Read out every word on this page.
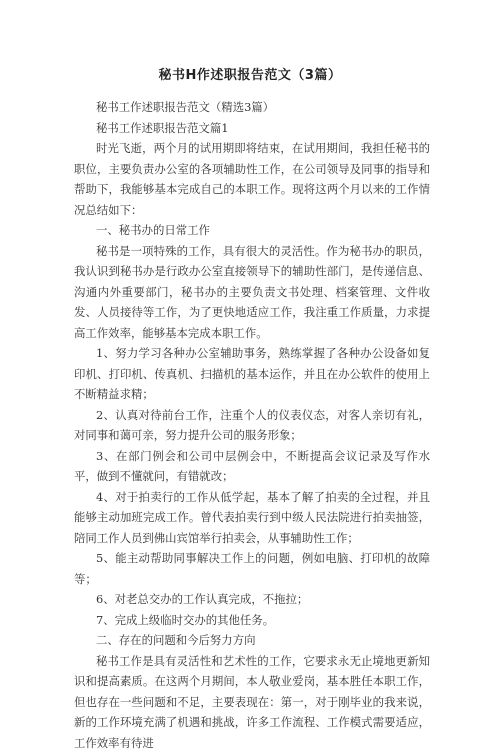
秘书H作述职报告范文（3篇）

秘书工作述职报告范文（精选3篇）

秘书工作述职报告范文篇1

时光飞逝，两个月的试用期即将结束，在试用期间，我担任秘书的职位，主要负责办公室的各项辅助性工作，在公司领导及同事的指导和帮助下，我能够基本完成自己的本职工作。现将这两个月以来的工作情况总结如下：

一、秘书办的日常工作

秘书是一项特殊的工作，具有很大的灵活性。作为秘书办的职员，我认识到秘书办是行政办公室直接领导下的辅助性部门，是传递信息、沟通内外重要部门，秘书办的主要负责文书处理、档案管理、文件收发、人员接待等工作，为了更快地适应工作，我注重工作质量，力求提高工作效率，能够基本完成本职工作。

1、努力学习各种办公室辅助事务，熟练掌握了各种办公设备如复印机、打印机、传真机、扫描机的基本运作，并且在办公软件的使用上不断精益求精；

2、认真对待前台工作，注重个人的仪表仪态，对客人亲切有礼，对同事和蔼可亲，努力提升公司的服务形象；

3、在部门例会和公司中层例会中，不断提高会议记录及写作水平，做到不懂就问，有错就改；

4、对于拍卖行的工作从低学起，基本了解了拍卖的全过程，并且能够主动加班完成工作。曾代表拍卖行到中级人民法院进行拍卖抽签，陪同工作人员到佛山宾馆举行拍卖会，从事辅助性工作；

5、能主动帮助同事解决工作上的问题，例如电脑、打印机的故障等；

6、对老总交办的工作认真完成，不拖拉；

7、完成上级临时交办的其他任务。

二、存在的问题和今后努力方向

秘书工作是具有灵活性和艺术性的工作，它要求永无止境地更新知识和提高素质。在这两个月期间，本人敬业爱岗，基本胜任本职工作，但也存在一些问题和不足，主要表现在：第一，对于刚毕业的我来说，新的工作环境充满了机遇和挑战，许多工作流程、工作模式需要适应，工作效率有待进
